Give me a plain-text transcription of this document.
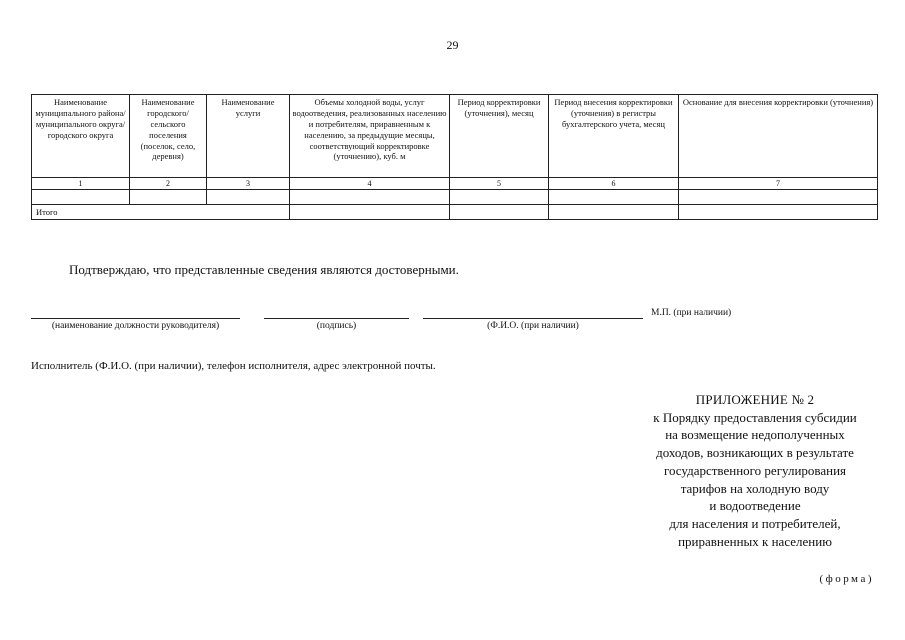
29
Наименование муниципального района/ муниципального округа/ городского округа	Наименование городского/ сельского поселения (поселок, село, деревня)	Наименование услуги	Объемы холодной воды, услуг водоотведения, реализованных населению и потребителям, приравненным к населению, за предыдущие месяцы, соответствующий корректировке (уточнению), куб. м	Период корректировки (уточнения), месяц	Период внесения корректировки (уточнения) в регистры бухгалтерского учета, месяц	Основание для внесения корректировки (уточнения)
1	2	3	4	5	6	7

Итого						
Подтверждаю, что представленные сведения являются достоверными.
М.П. (при наличии)
(наименование должности руководителя)	(подпись)	(Ф.И.О. (при наличии)
Исполнитель (Ф.И.О. (при наличии), телефон исполнителя, адрес электронной почты.
ПРИЛОЖЕНИЕ № 2
к Порядку предоставления субсидии
на возмещение недополученных
доходов, возникающих в результате
государственного регулирования
тарифов на холодную воду
и водоотведение
для населения и потребителей,
приравненных к населению
(форма)
